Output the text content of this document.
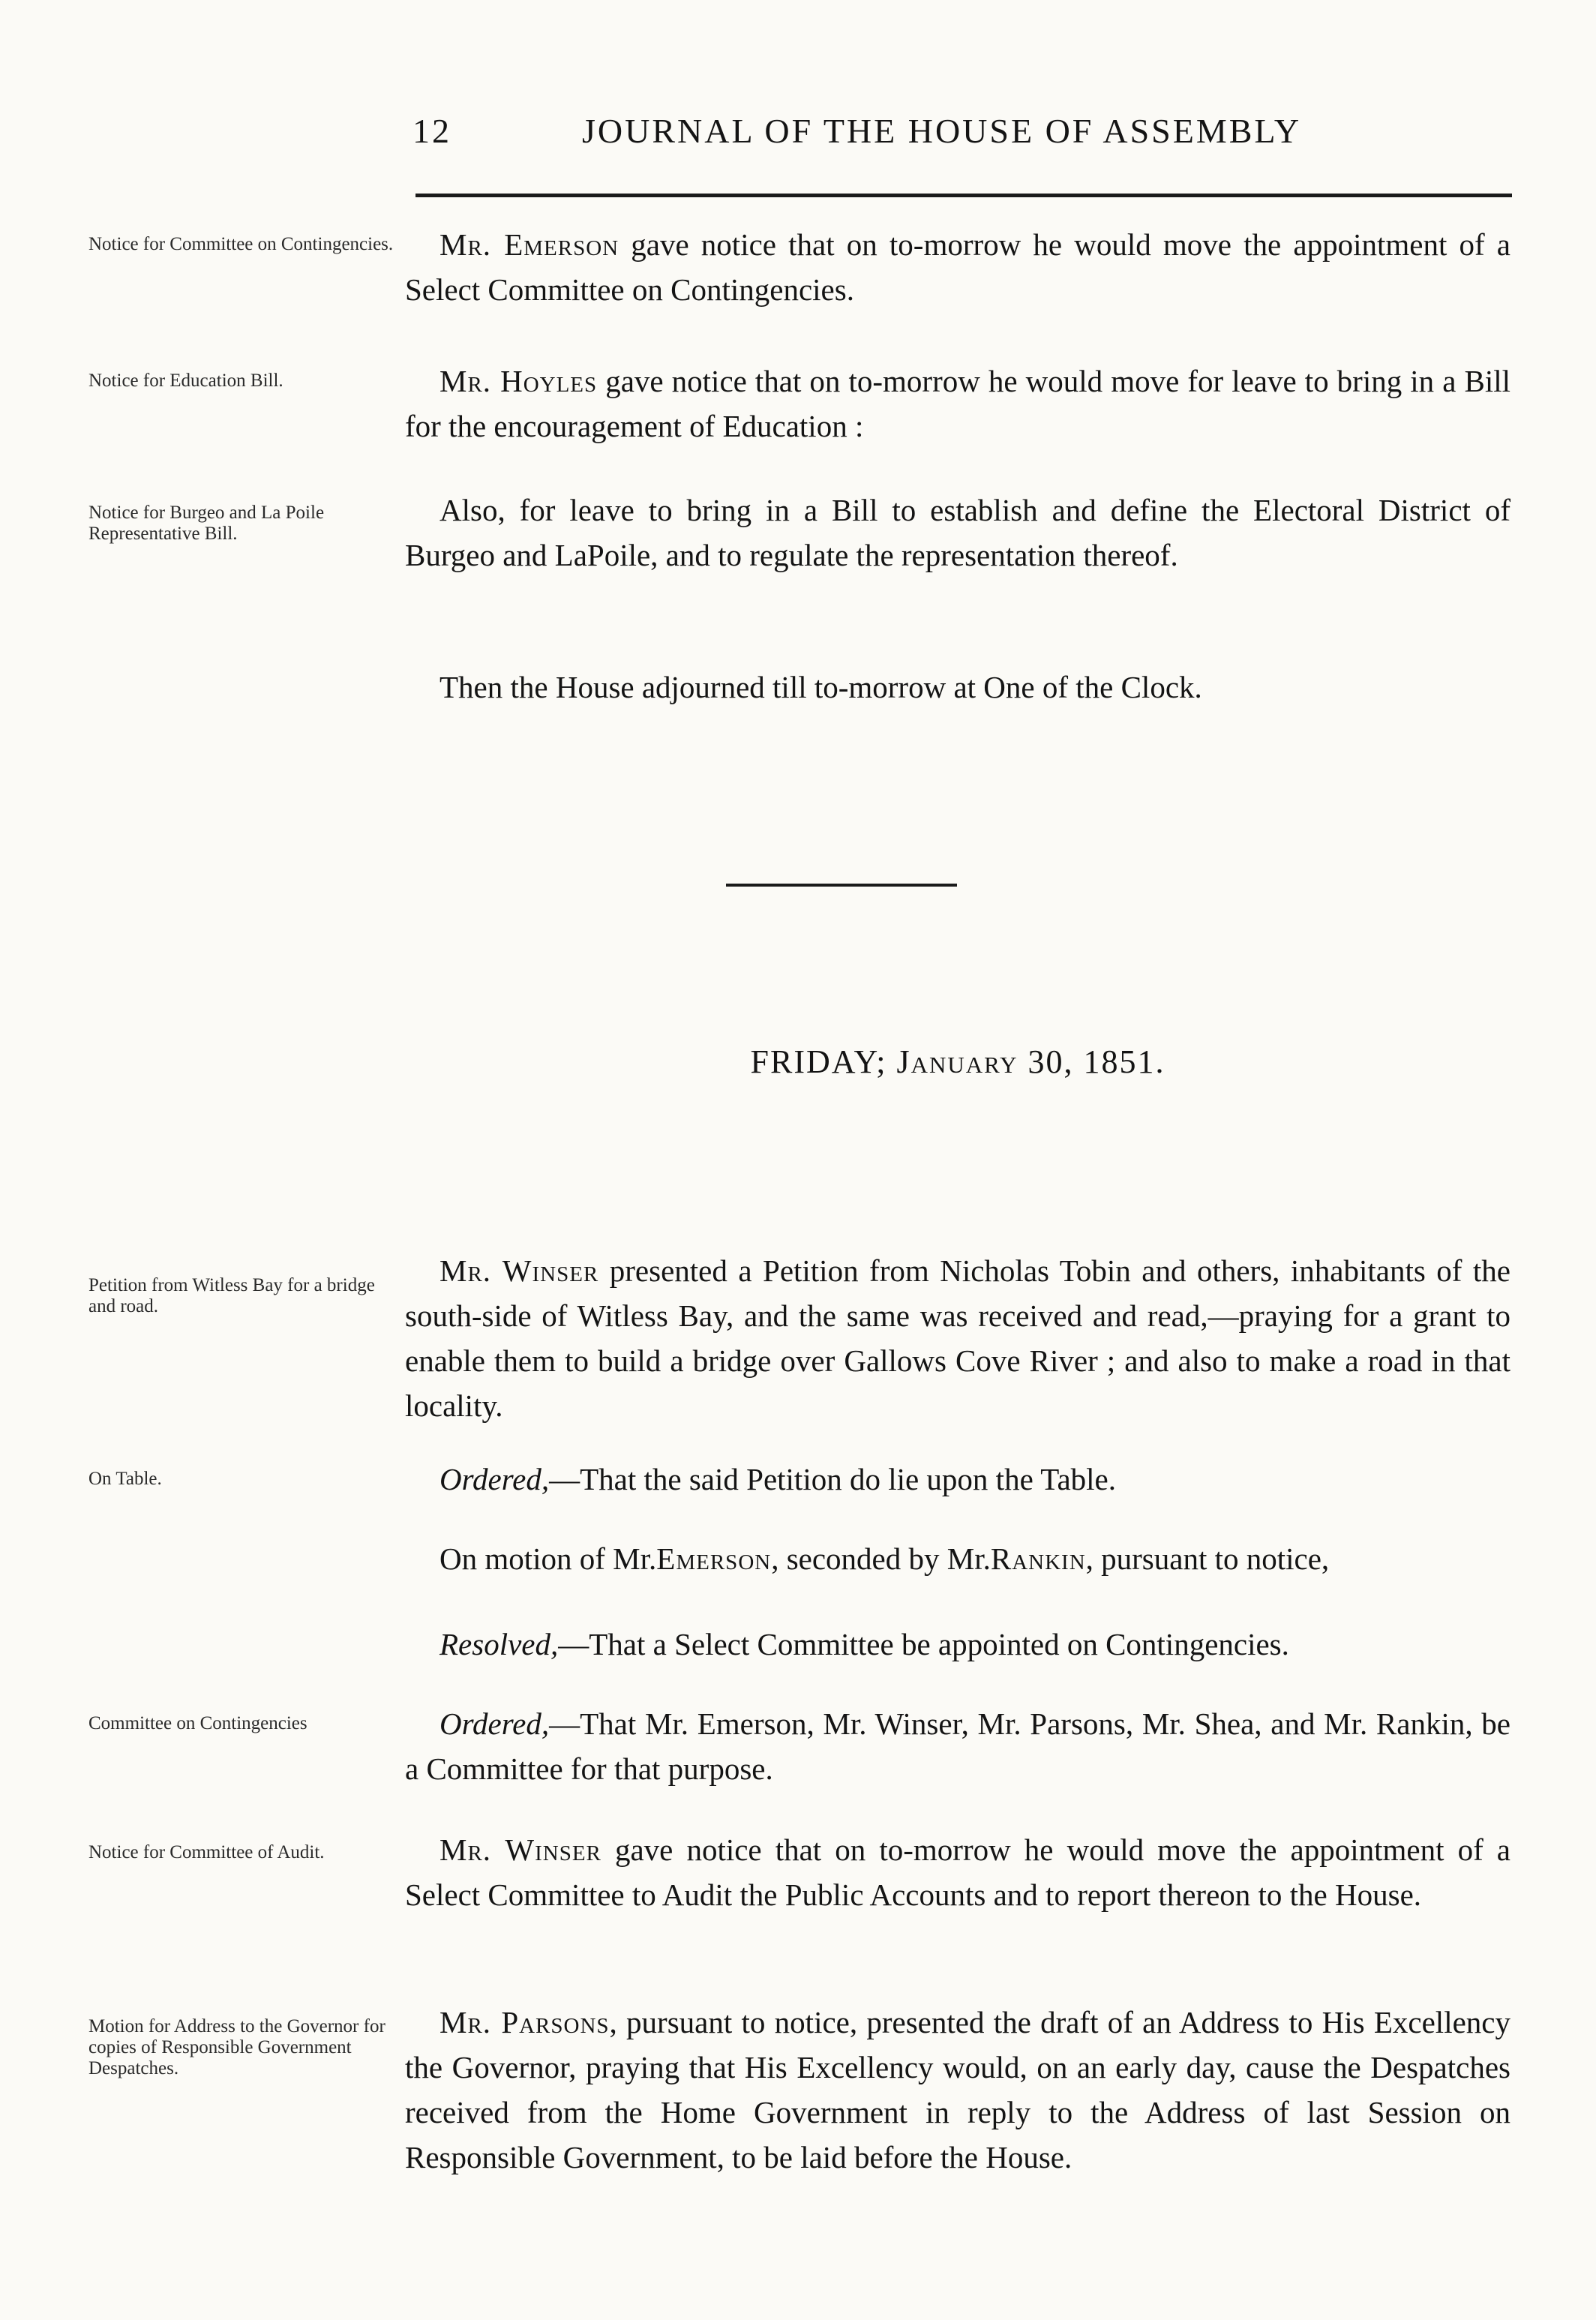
12	JOURNAL OF THE HOUSE OF ASSEMBLY
Notice for Committee on Contingencies.	Mr. Emerson gave notice that on to-morrow he would move the appointment of a Select Committee on Contingencies.
Notice for Education Bill.	Mr. Hoyles gave notice that on to-morrow he would move for leave to bring in a Bill for the encouragement of Education :
Notice for Burgeo and La Poile Representative Bill.
Also, for leave to bring in a Bill to establish and define the Electoral District of Burgeo and LaPoile, and to regulate the representation thereof.
Then the House adjourned till to-morrow at One of the Clock.
FRIDAY; January 30, 1851.
Petition from Witless Bay for a bridge and road.
Mr. Winser presented a Petition from Nicholas Tobin and others, inhabitants of the south-side of Witless Bay, and the same was received and read,—praying for a grant to enable them to build a bridge over Gallows Cove River ; and also to make a road in that locality.
On Table.	Ordered,—That the said Petition do lie upon the Table.
On motion of Mr.Emerson, seconded by Mr.Rankin, pursuant to notice,
Resolved,—That a Select Committee be appointed on Contingencies.
Committee on Contingencies	Ordered,—That Mr. Emerson, Mr. Winser, Mr. Parsons, Mr. Shea, and Mr. Rankin, be a Committee for that purpose.
Notice for Committee of Audit.	Mr. Winser gave notice that on to-morrow he would move the appointment of a Select Committee to Audit the Public Accounts and to report thereon to the House.
Motion for Address to the Governor for copies of Responsible Government Despatches.
Mr. Parsons, pursuant to notice, presented the draft of an Address to His Excellency the Governor, praying that His Excellency would, on an early day, cause the Despatches received from the Home Government in reply to the Address of last Session on Responsible Government, to be laid before the House.
